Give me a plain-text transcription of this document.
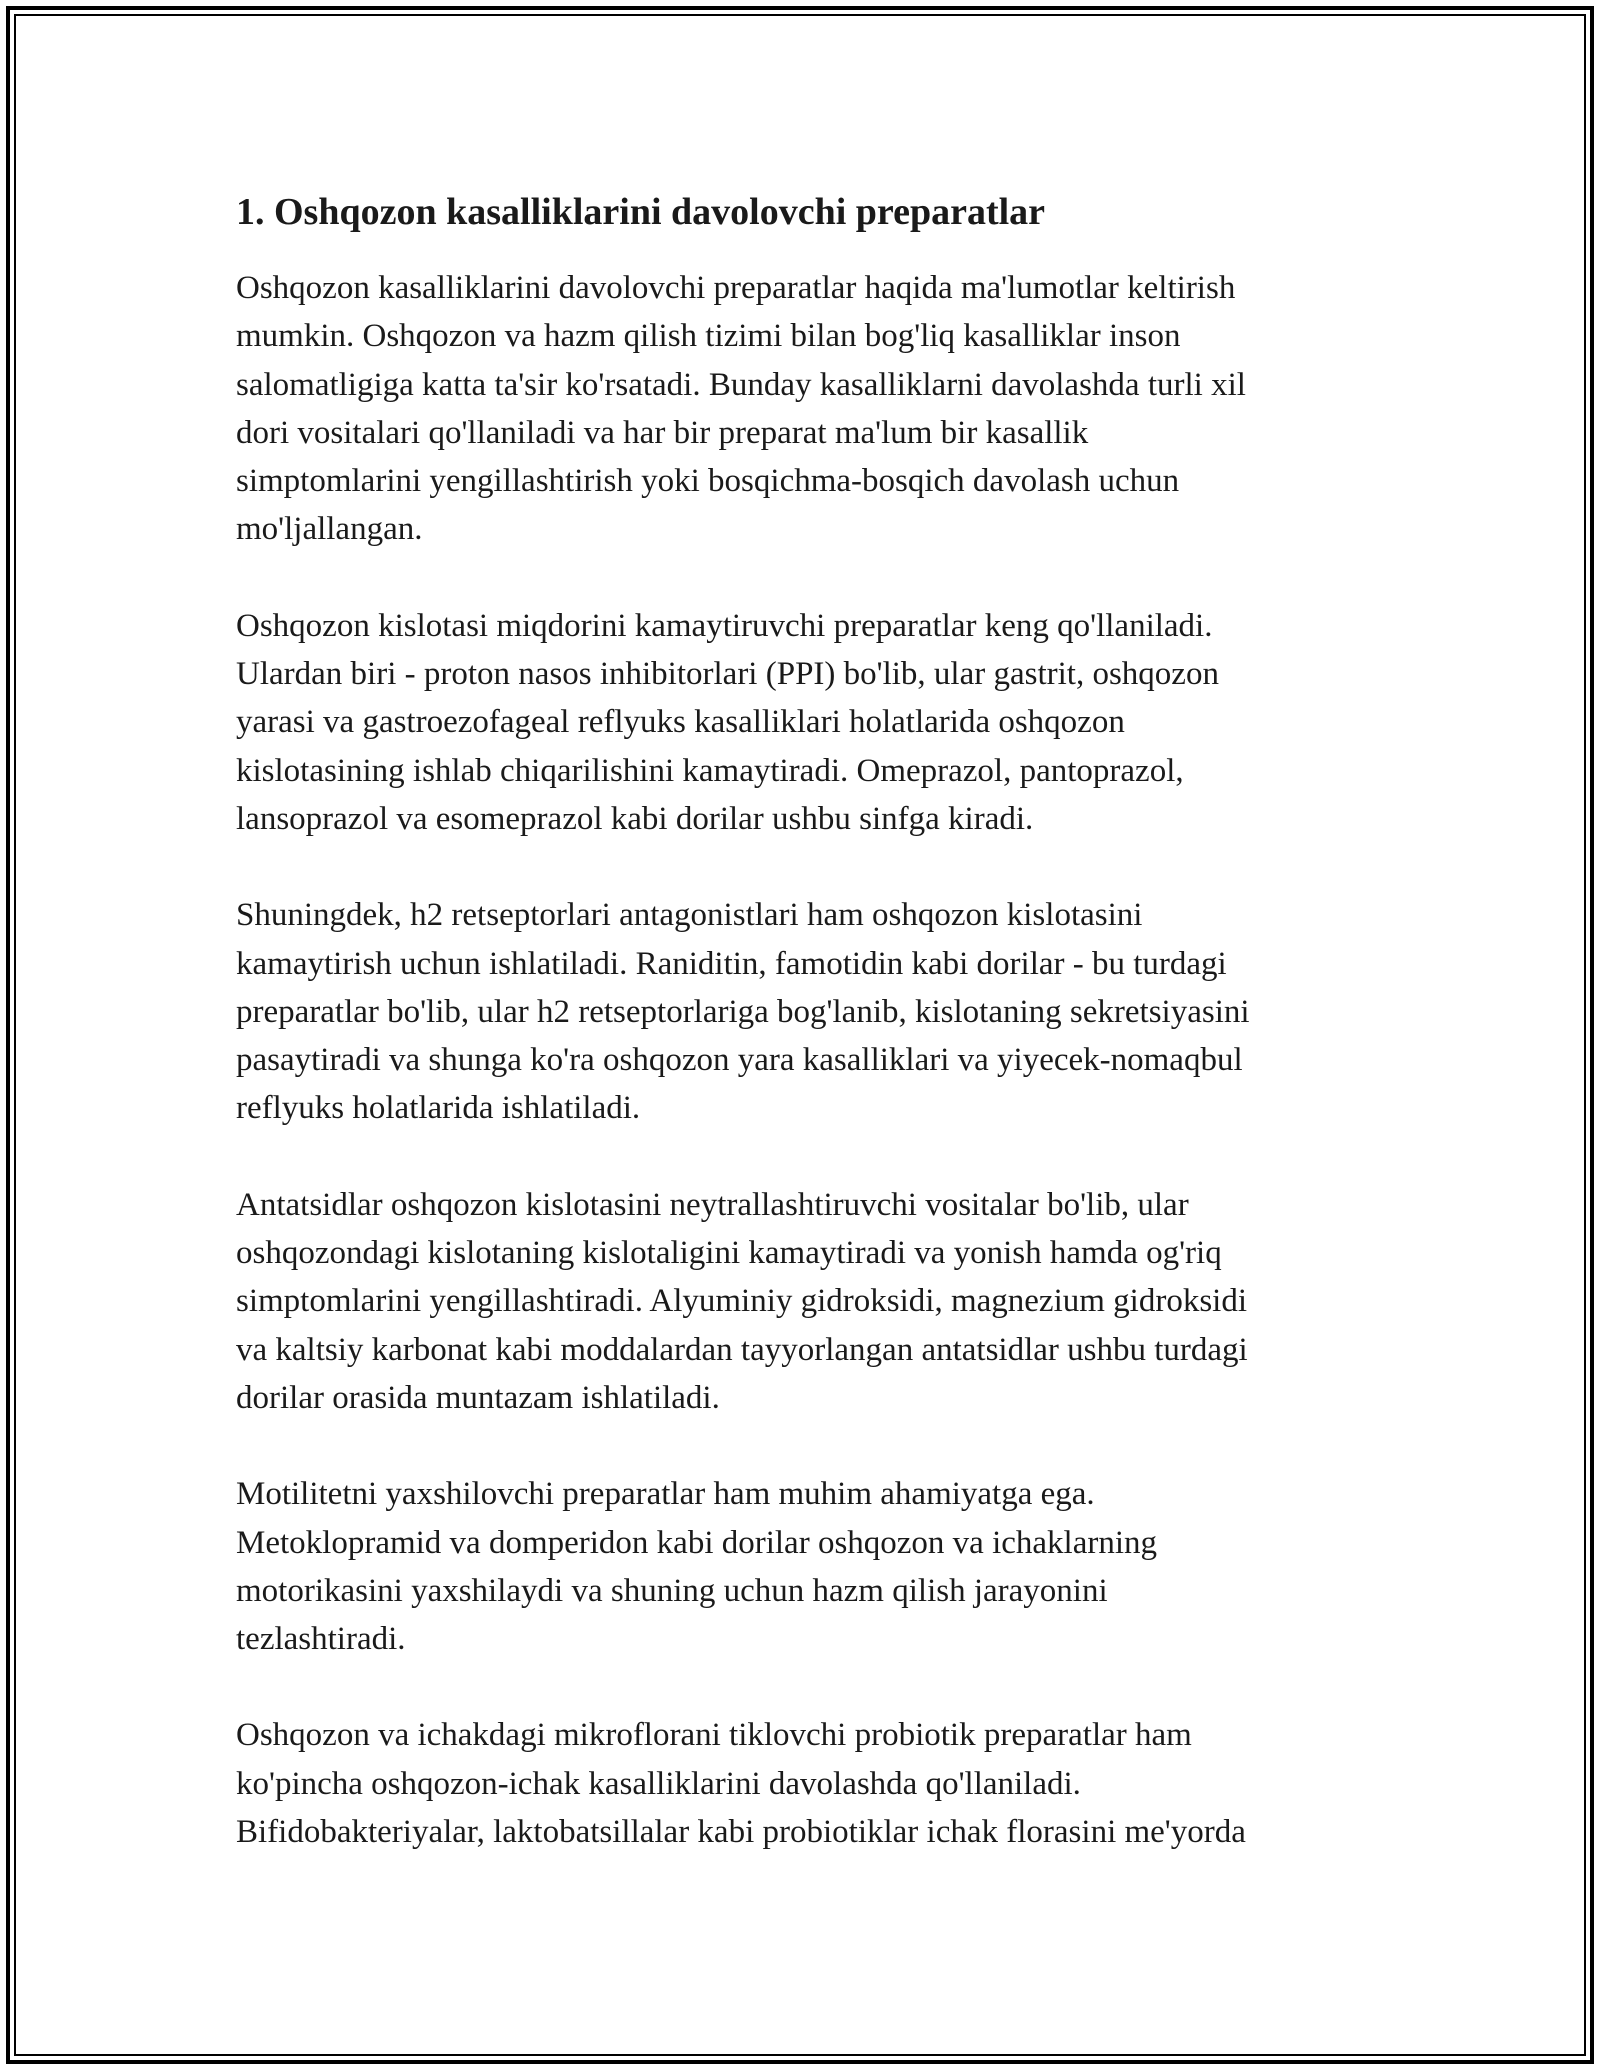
1. Oshqozon kasalliklarini davolovchi preparatlar

Oshqozon kasalliklarini davolovchi preparatlar haqida ma'lumotlar keltirish
mumkin. Oshqozon va hazm qilish tizimi bilan bog'liq kasalliklar inson
salomatligiga katta ta'sir ko'rsatadi. Bunday kasalliklarni davolashda turli xil
dori vositalari qo'llaniladi va har bir preparat ma'lum bir kasallik
simptomlarini yengillashtirish yoki bosqichma-bosqich davolash uchun
mo'ljallangan.

Oshqozon kislotasi miqdorini kamaytiruvchi preparatlar keng qo'llaniladi.
Ulardan biri - proton nasos inhibitorlari (PPI) bo'lib, ular gastrit, oshqozon
yarasi va gastroezofageal reflyuks kasalliklari holatlarida oshqozon
kislotasining ishlab chiqarilishini kamaytiradi. Omeprazol, pantoprazol,
lansoprazol va esomeprazol kabi dorilar ushbu sinfga kiradi.

Shuningdek, h2 retseptorlari antagonistlari ham oshqozon kislotasini
kamaytirish uchun ishlatiladi. Raniditin, famotidin kabi dorilar - bu turdagi
preparatlar bo'lib, ular h2 retseptorlariga bog'lanib, kislotaning sekretsiyasini
pasaytiradi va shunga ko'ra oshqozon yara kasalliklari va yiyecek-nomaqbul
reflyuks holatlarida ishlatiladi.

Antatsidlar oshqozon kislotasini neytrallashtiruvchi vositalar bo'lib, ular
oshqozondagi kislotaning kislotaligini kamaytiradi va yonish hamda og'riq
simptomlarini yengillashtiradi. Alyuminiy gidroksidi, magnezium gidroksidi
va kaltsiy karbonat kabi moddalardan tayyorlangan antatsidlar ushbu turdagi
dorilar orasida muntazam ishlatiladi.

Motilitetni yaxshilovchi preparatlar ham muhim ahamiyatga ega.
Metoklopramid va domperidon kabi dorilar oshqozon va ichaklarning
motorikasini yaxshilaydi va shuning uchun hazm qilish jarayonini
tezlashtiradi.

Oshqozon va ichakdagi mikroflorani tiklovchi probiotik preparatlar ham
ko'pincha oshqozon-ichak kasalliklarini davolashda qo'llaniladi.
Bifidobakteriyalar, laktobatsillalar kabi probiotiklar ichak florasini me'yorda
